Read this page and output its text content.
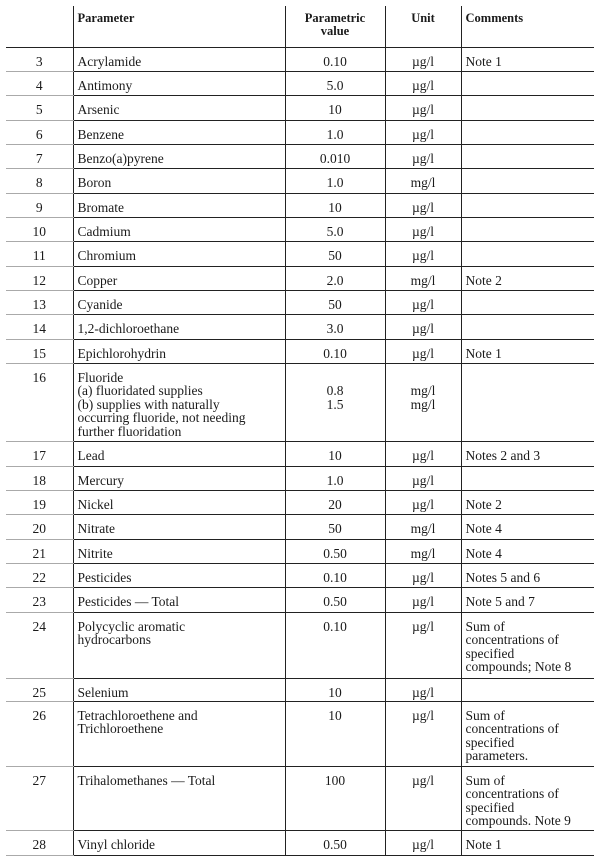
	Parameter	Parametric
value	Unit	Comments
3	Acrylamide	0.10	µg/l	Note 1

4	Antimony	5.0	µg/l	

5	Arsenic	10	µg/l	

6	Benzene	1.0	µg/l	

7	Benzo(a)pyrene	0.010	µg/l	

8	Boron	1.0	mg/l	

9	Bromate	10	µg/l	

10	Cadmium	5.0	µg/l	

11	Chromium	50	µg/l	

12	Copper	2.0	mg/l	Note 2

13	Cyanide	50	µg/l	

14	1,2-dichloroethane	3.0	µg/l	

15	Epichlorohydrin	0.10	µg/l	Note 1

16	Fluoride
(a) fluoridated supplies
(b) supplies with naturally
occurring fluoride, not needing
further fluoridation	0.8
1.5	mg/l
mg/l	

17	Lead	10	µg/l	Notes 2 and 3

18	Mercury	1.0	µg/l	

19	Nickel	20	µg/l	Note 2

20	Nitrate	50	mg/l	Note 4

21	Nitrite	0.50	mg/l	Note 4

22	Pesticides	0.10	µg/l	Notes 5 and 6

23	Pesticides — Total	0.50	µg/l	Note 5 and 7

24	Polycyclic aromatic
hydrocarbons	0.10	µg/l	Sum of
concentrations of
specified
compounds; Note 8

25	Selenium	10	µg/l	

26	Tetrachloroethene and
Trichloroethene	10	µg/l	Sum of
concentrations of
specified
parameters.

27	Trihalomethanes — Total	100	µg/l	Sum of
concentrations of
specified
compounds. Note 9

28	Vinyl chloride	0.50	µg/l	Note 1
